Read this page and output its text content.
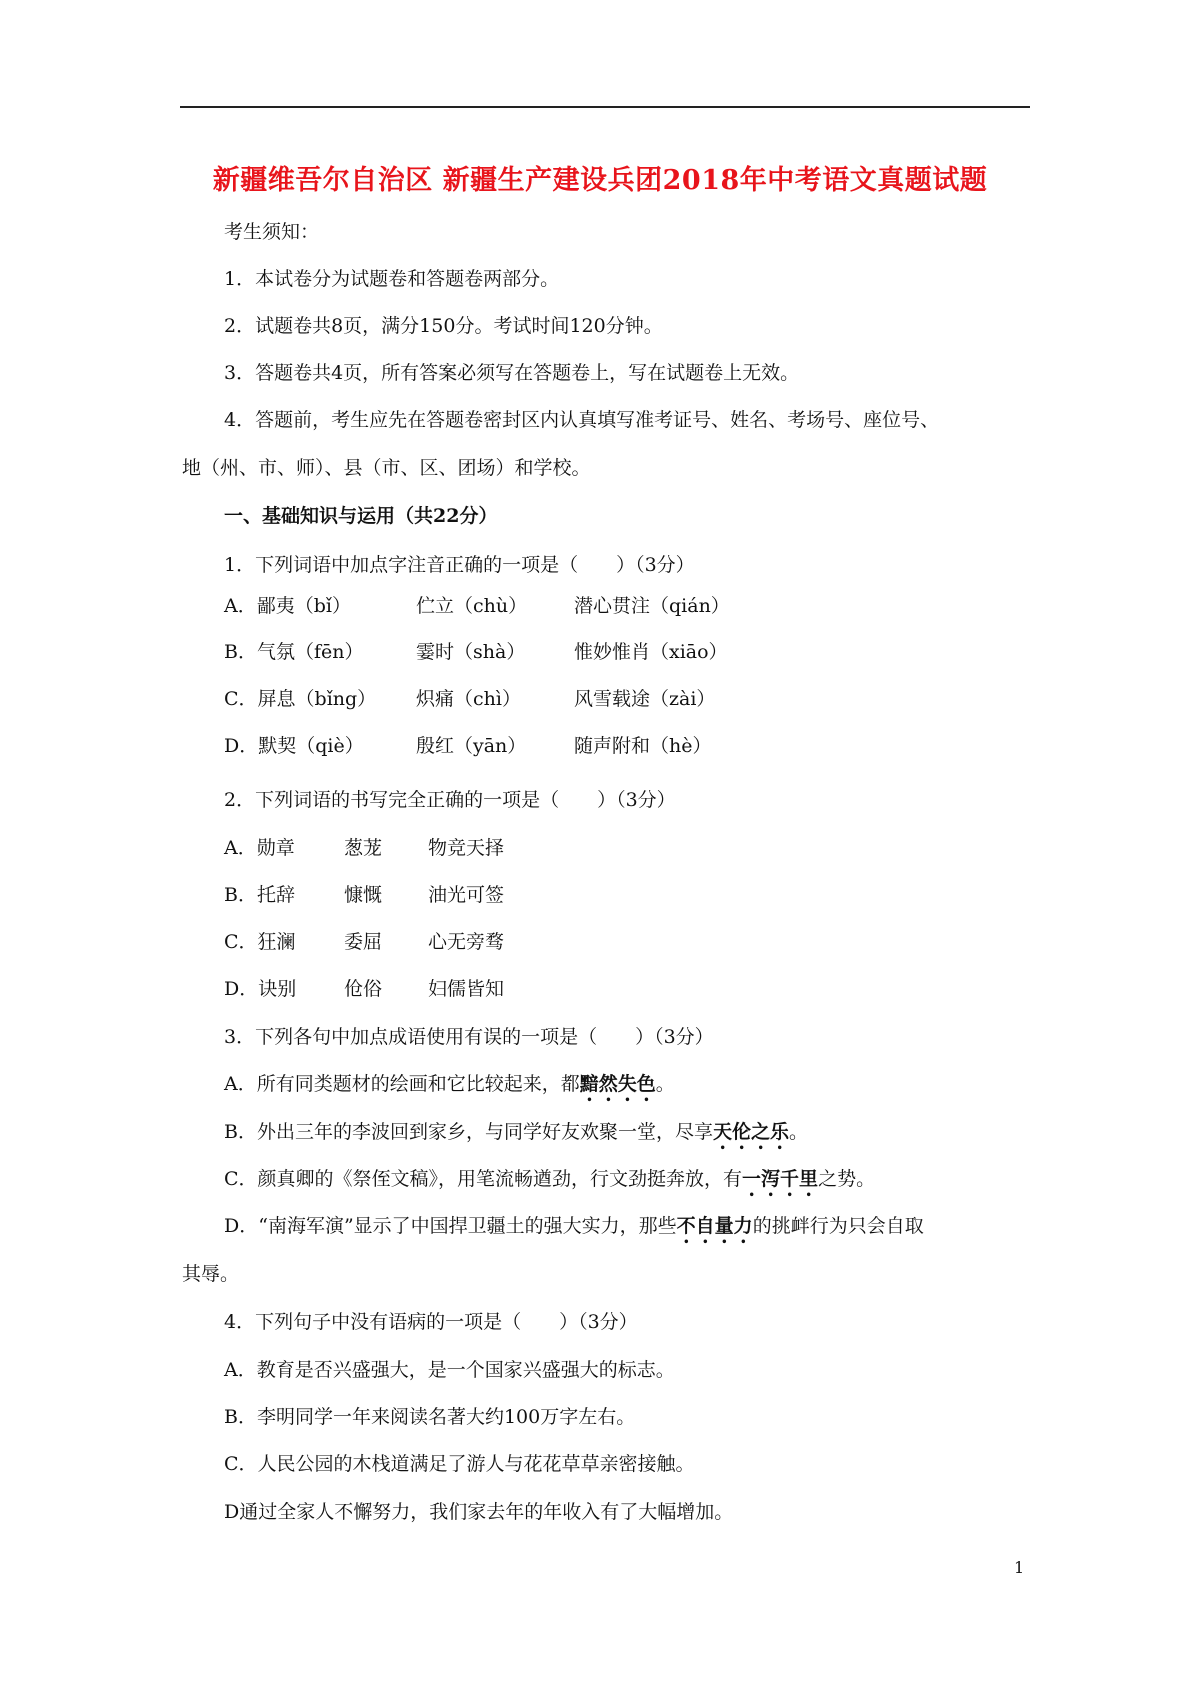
新疆维吾尔自治区 新疆生产建设兵团2018年中考语文真题试题
考生须知：
1．本试卷分为试题卷和答题卷两部分。
2．试题卷共8页，满分150分。考试时间120分钟。
3．答题卷共4页，所有答案必须写在答题卷上，写在试题卷上无效。
4．答题前，考生应先在答题卷密封区内认真填写准考证号、姓名、考场号、座位号、
地（州、市、师）、县（市、区、团场）和学校。
一、基础知识与运用（共22分）
1．下列词语中加点字注音正确的一项是（　　）（3分）
A．鄙夷（bǐ）	伫立（chù） 潜心贯注（qián）
B．气氛（fēn）	霎时（shà）	惟妙惟肖（xiāo）
C．屏息（bǐng） 炽痛（chì）	风雪载途（zài）
D．默契（qiè）	殷红（yān）	随声附和（hè）
2．下列词语的书写完全正确的一项是（　　）（3分）
A．勋章	葱茏 物竞天择
B．托辞	慷慨 油光可签
C．狂澜	委屈 心无旁骛
D．诀别	伧俗 妇儒皆知
3．下列各句中加点成语使用有误的一项是（　　）（3分）
A．所有同类题材的绘画和它比较起来，都黯然失色。
B．外出三年的李波回到家乡，与同学好友欢聚一堂，尽享天伦之乐。
C．颜真卿的《祭侄文稿》，用笔流畅遒劲，行文劲挺奔放，有一泻千里之势。
D．“南海军演”显示了中国捍卫疆土的强大实力，那些不自量力的挑衅行为只会自取
其辱。
4．下列句子中没有语病的一项是（　　）（3分）
A．教育是否兴盛强大，是一个国家兴盛强大的标志。
B．李明同学一年来阅读名著大约100万字左右。
C．人民公园的木栈道满足了游人与花花草草亲密接触。
D通过全家人不懈努力，我们家去年的年收入有了大幅增加。
1
